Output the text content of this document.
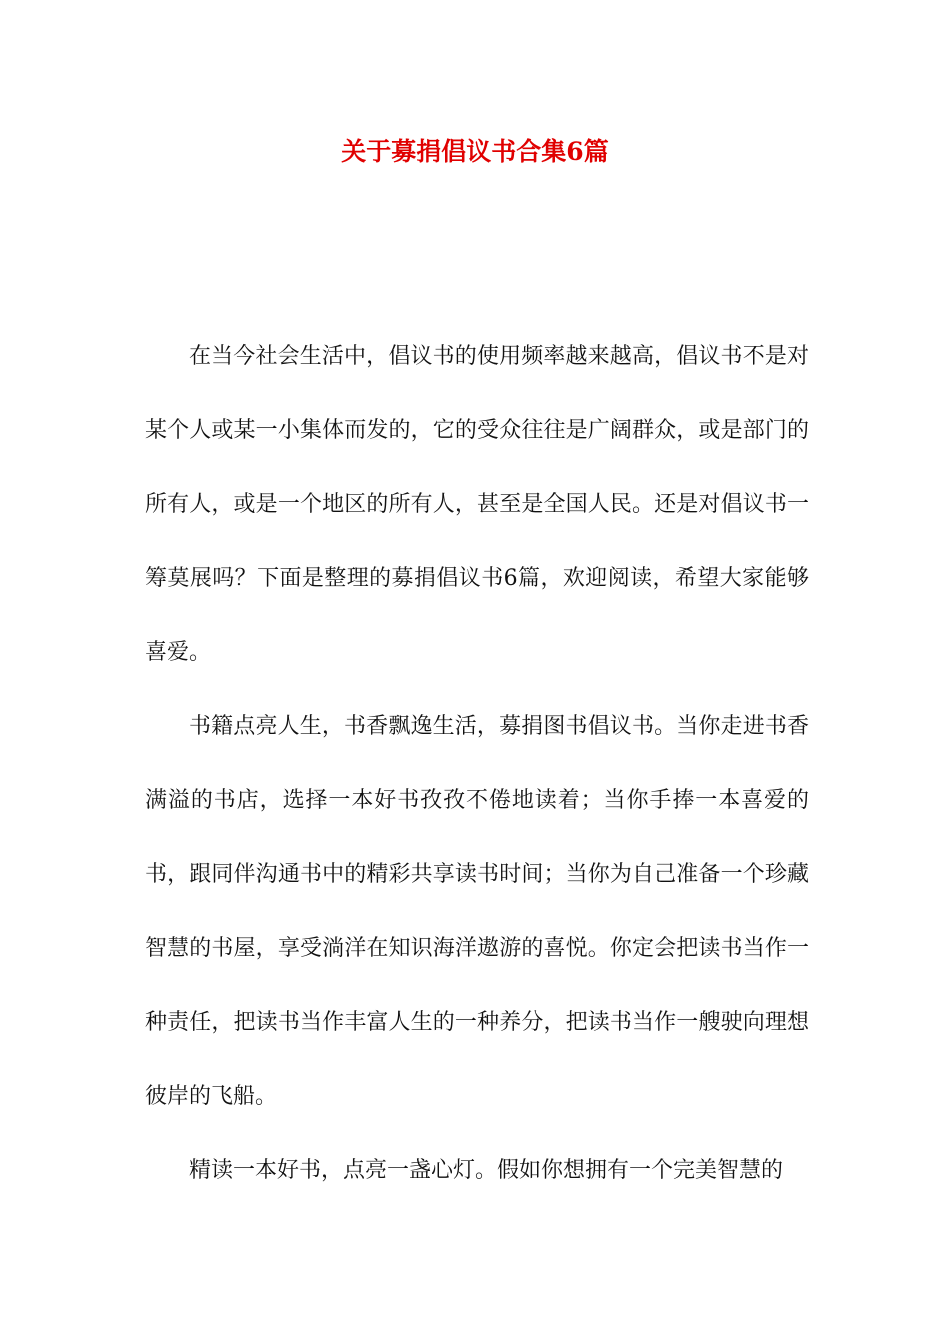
关于募捐倡议书合集6篇

在当今社会生活中，倡议书的使用频率越来越高，倡议书不是对某个人或某一小集体而发的，它的受众往往是广阔群众，或是部门的所有人，或是一个地区的所有人，甚至是全国人民。还是对倡议书一筹莫展吗？下面是整理的募捐倡议书6篇，欢迎阅读，希望大家能够喜爱。

书籍点亮人生，书香飘逸生活，募捐图书倡议书。当你走进书香满溢的书店，选择一本好书孜孜不倦地读着；当你手捧一本喜爱的书，跟同伴沟通书中的精彩共享读书时间；当你为自己准备一个珍藏智慧的书屋，享受淌洋在知识海洋遨游的喜悦。你定会把读书当作一种责任，把读书当作丰富人生的一种养分，把读书当作一艘驶向理想彼岸的飞船。

精读一本好书，点亮一盏心灯。假如你想拥有一个完美智慧的
